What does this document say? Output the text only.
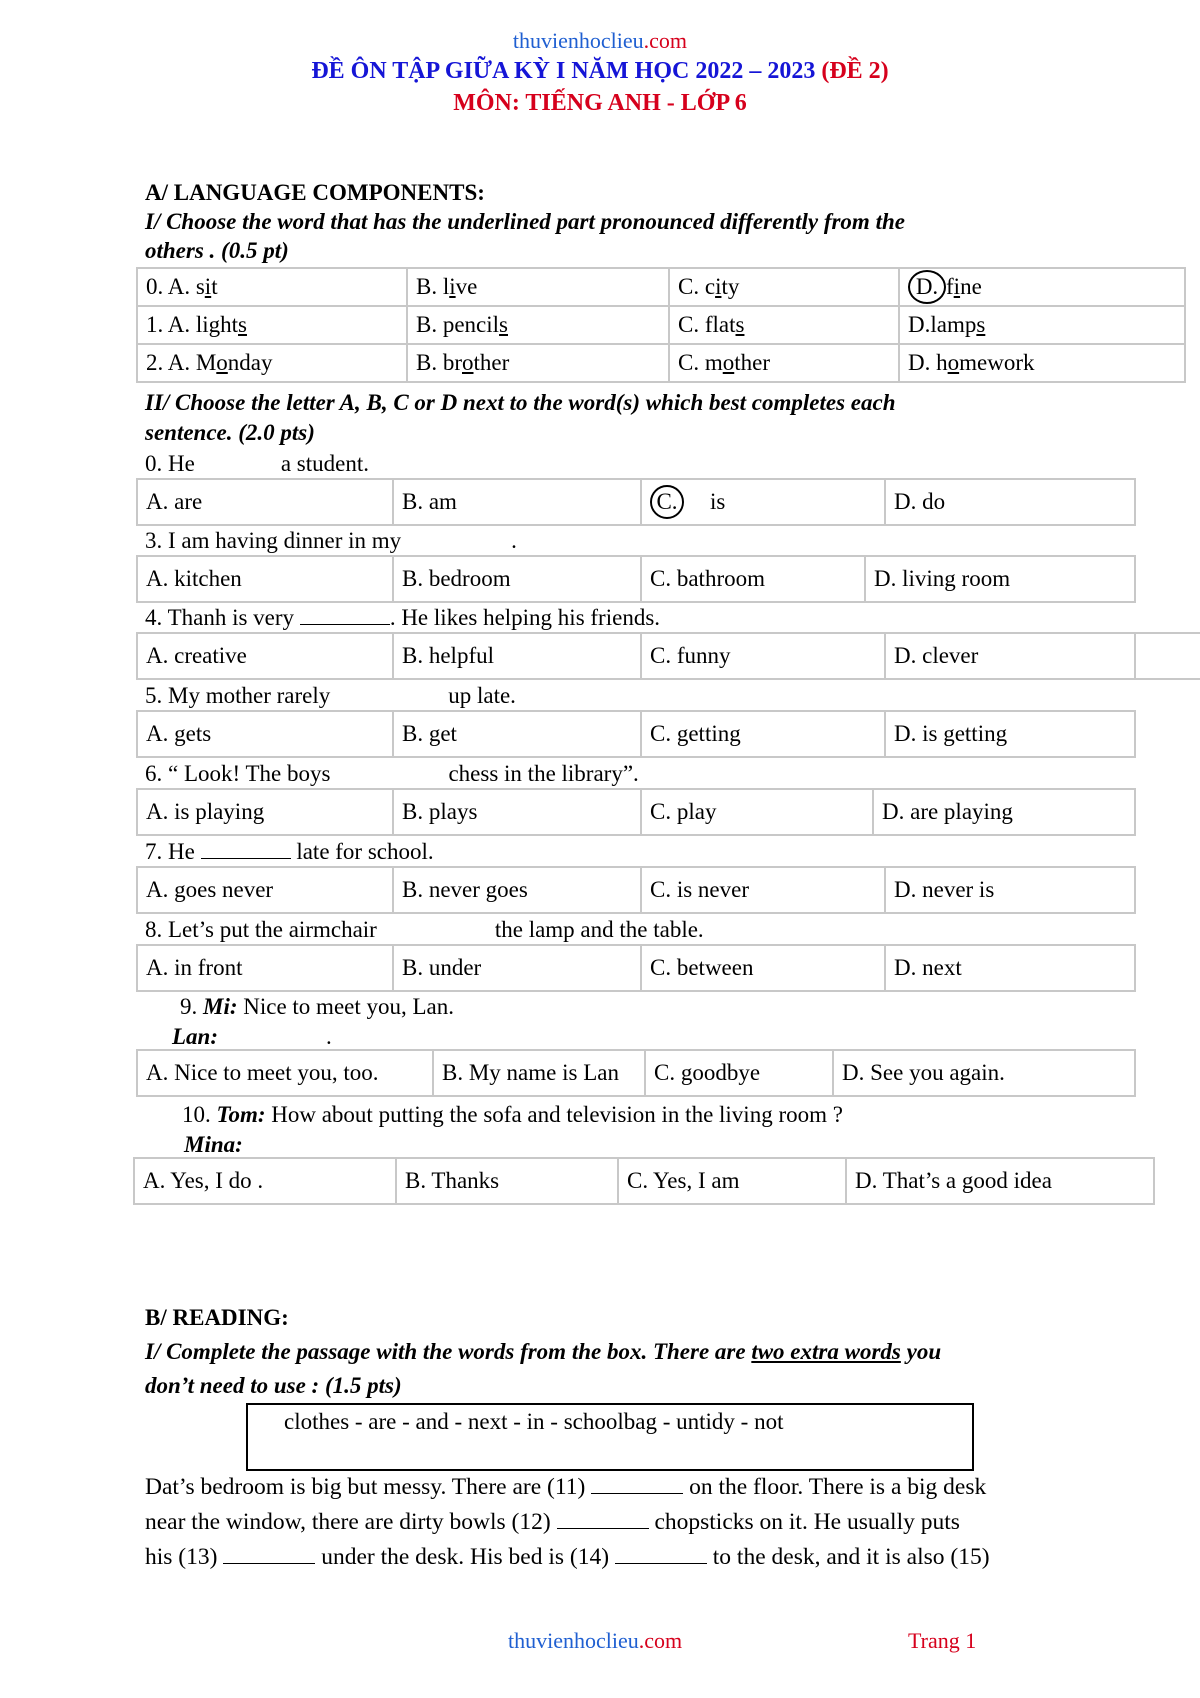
thuvienhoclieu.com
ĐỀ ÔN TẬP GIỮA KỲ I NĂM HỌC 2022 – 2023 (ĐỀ 2)
MÔN: TIẾNG ANH - LỚP 6
A/ LANGUAGE COMPONENTS:
I/ Choose the word that has the underlined part pronounced differently from the
others . (0.5 pt)
0. A. sit	B. live	C. city	D. fine
1. A. lights	B. pencils	C. flats	D.lamps
2. A. Monday	B. brother	C. mother	D. homework
II/ Choose the letter A, B, C or D next to the word(s) which best completes each
sentence. (2.0 pts)
0. He	a student.
A. are	B. am	C. is	D. do
3. I am having dinner in my	.
A. kitchen	B. bedroom	C. bathroom	D. living room
4. Thanh is very	. He likes helping his friends.
A. creative	B. helpful	C. funny	D. clever	
5. My mother rarely	up late.
A. gets	B. get	C. getting	D. is getting
6. “ Look! The boys	chess in the library”.
A. is playing	B. plays	C. play	D. are playing
7. He	late for school.
A. goes never	B. never goes	C. is never	D. never is
8. Let’s put the airmchair	the lamp and the table.
A. in front	B. under	C. between	D. next
9. Mi: Nice to meet you, Lan.
Lan:	.
A. Nice to meet you, too.	B. My name is Lan	C. goodbye	D. See you again.
10. Tom: How about putting the sofa and television in the living room ?
Mina:
A. Yes, I do .	B. Thanks	C. Yes, I am	D. That’s a good idea
B/ READING:
I/ Complete the passage with the words from the box. There are two extra words you
don’t need to use : (1.5 pts)
clothes - are - and - next - in - schoolbag - untidy - not
Dat’s bedroom is big but messy. There are (11)	on the floor. There is a big desk
near the window, there are dirty bowls (12)	chopsticks on it. He usually puts
his (13)	under the desk. His bed is (14)	to the desk, and it is also (15)
thuvienhoclieu.com	Trang 1
